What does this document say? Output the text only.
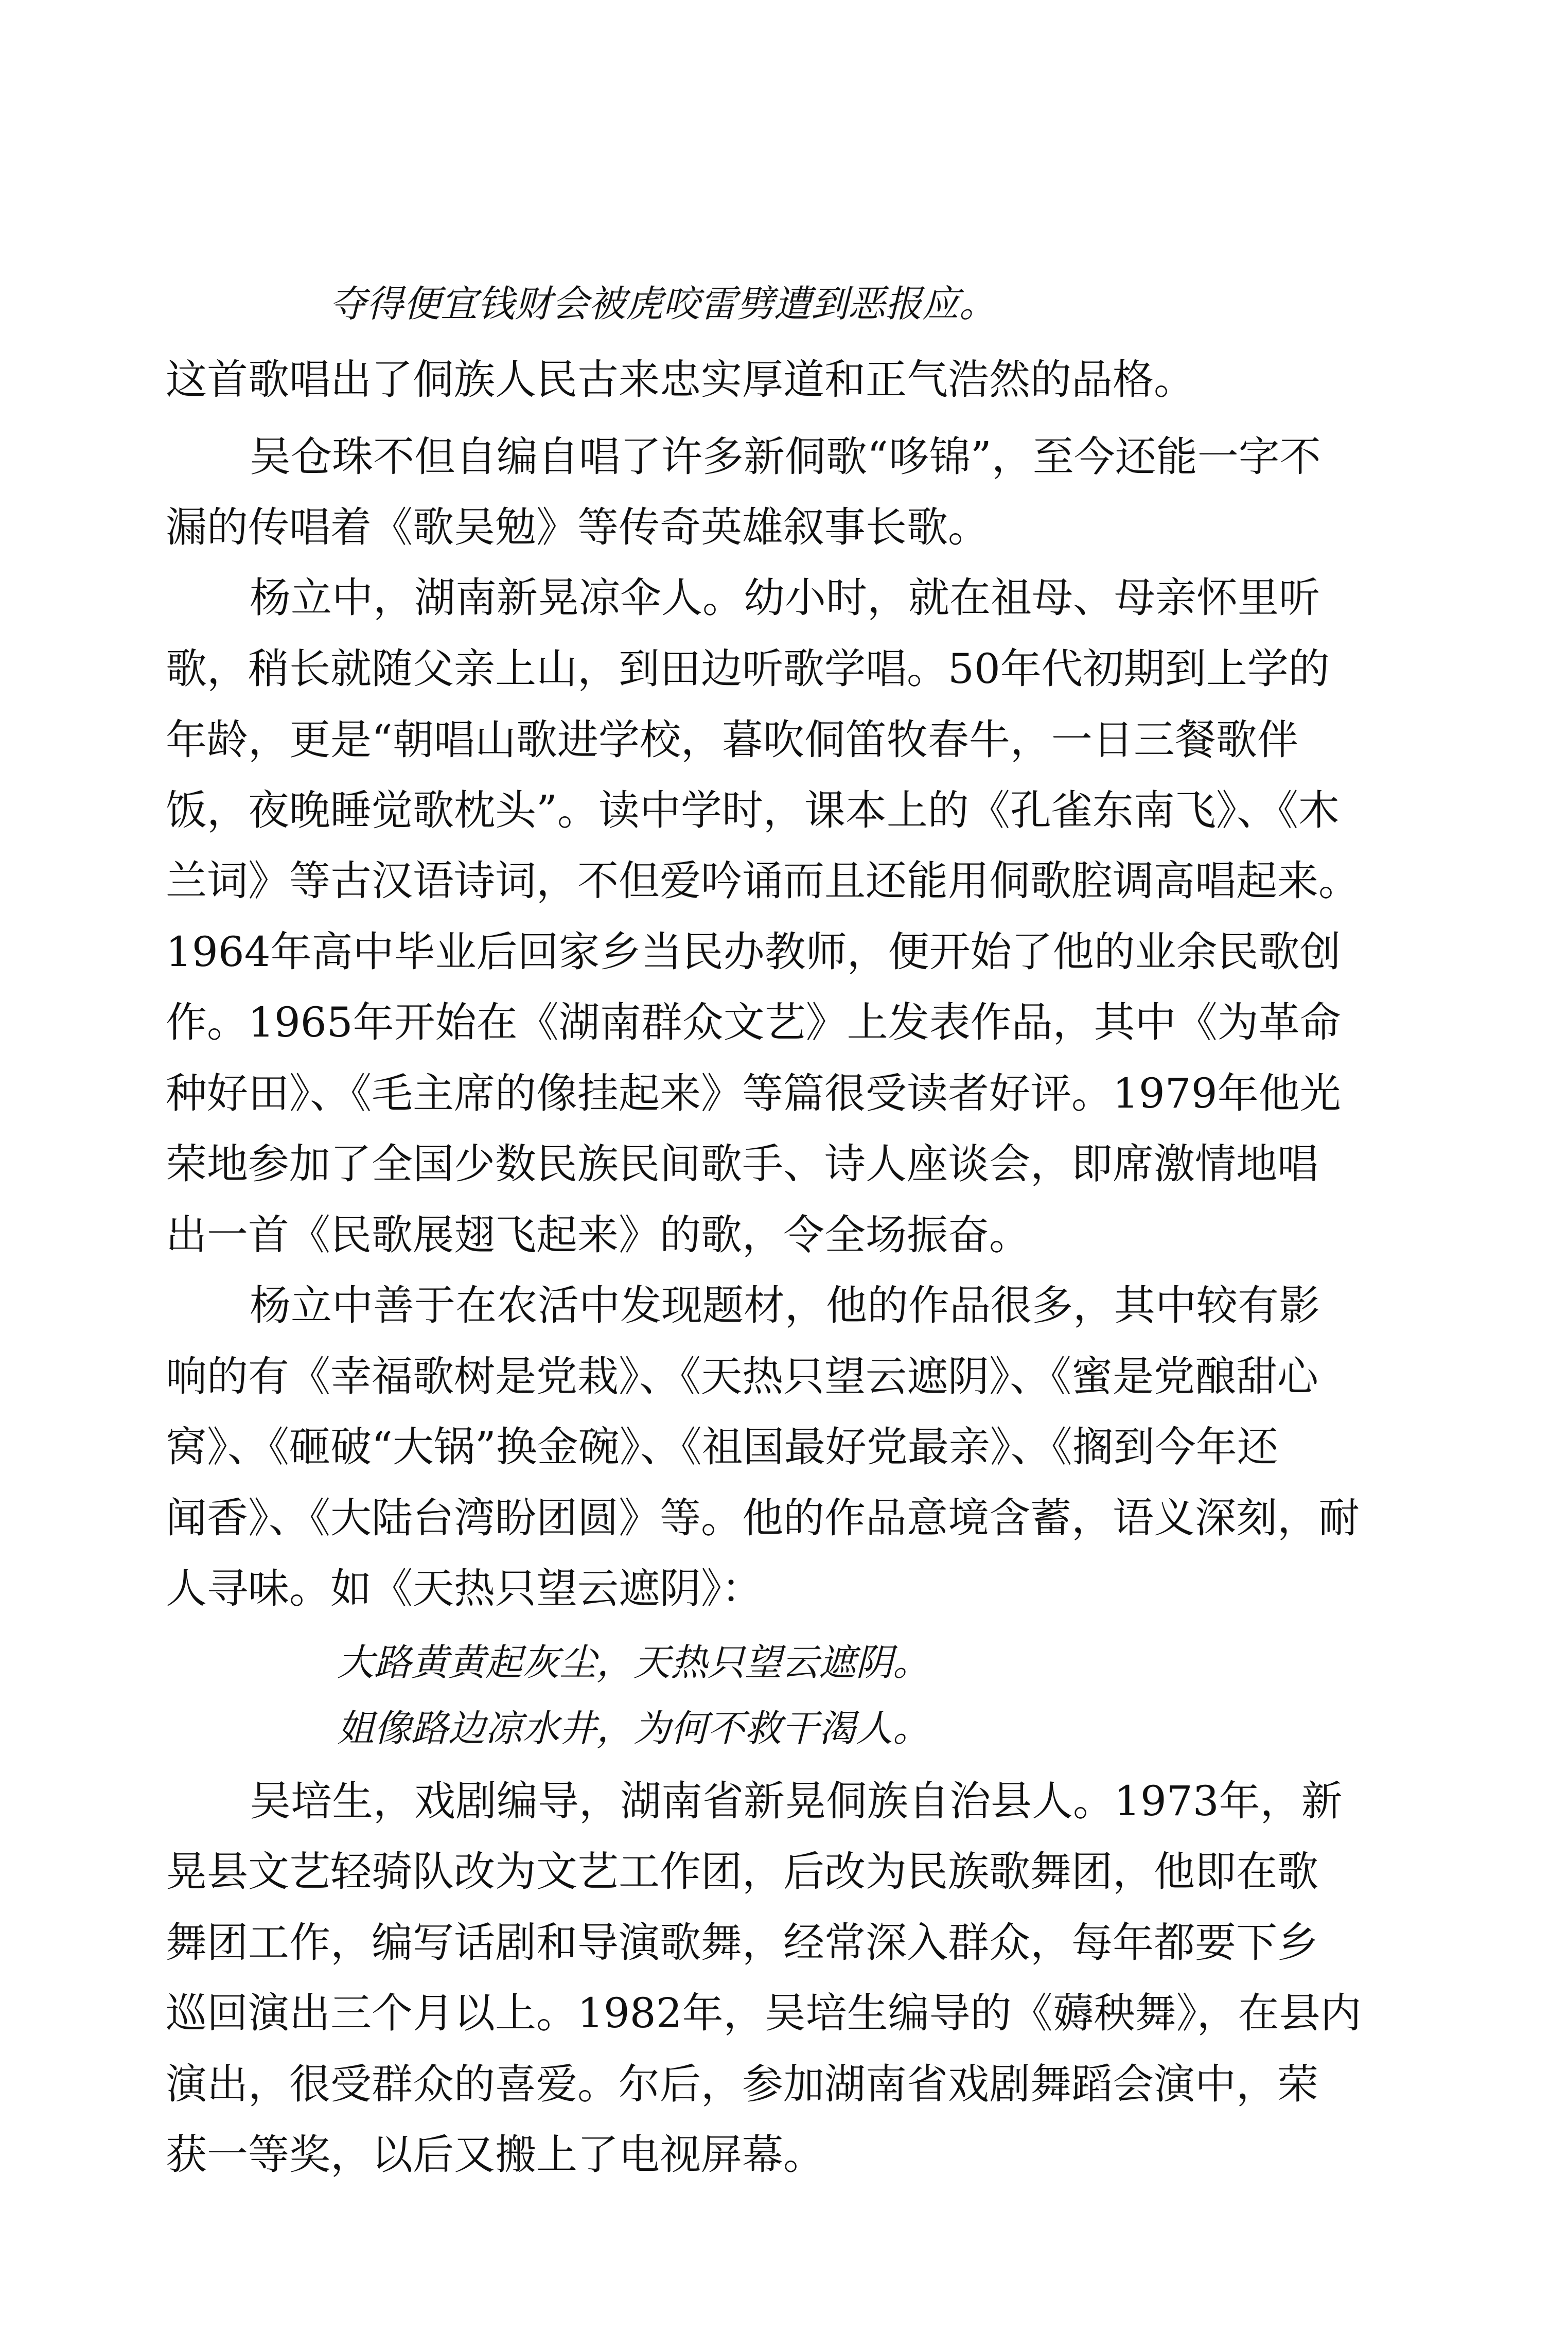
夺得便宜钱财会被虎咬雷劈遭到恶报应。
这首歌唱出了侗族人民古来忠实厚道和正气浩然的品格。
吴仓珠不但自编自唱了许多新侗歌“哆锦”，至今还能一字不
漏的传唱着《歌吴勉》等传奇英雄叙事长歌。
杨立中，湖南新晃凉伞人。幼小时，就在祖母、母亲怀里听
歌，稍长就随父亲上山，到田边听歌学唱。50年代初期到上学的
年龄，更是“朝唱山歌进学校，暮吹侗笛牧春牛，一日三餐歌伴
饭，夜晚睡觉歌枕头”。读中学时，课本上的《孔雀东南飞》、《木
兰词》等古汉语诗词，不但爱吟诵而且还能用侗歌腔调高唱起来。
1964年高中毕业后回家乡当民办教师，便开始了他的业余民歌创
作。1965年开始在《湖南群众文艺》上发表作品，其中《为革命
种好田》、《毛主席的像挂起来》等篇很受读者好评。1979年他光
荣地参加了全国少数民族民间歌手、诗人座谈会，即席激情地唱
出一首《民歌展翅飞起来》的歌，令全场振奋。
杨立中善于在农活中发现题材，他的作品很多，其中较有影
响的有《幸福歌树是党栽》、《天热只望云遮阴》、《蜜是党酿甜心
窝》、《砸破“大锅”换金碗》、《祖国最好党最亲》、《搁到今年还
闻香》、《大陆台湾盼团圆》等。他的作品意境含蓄，语义深刻，耐
人寻味。如《天热只望云遮阴》：
大路黄黄起灰尘，天热只望云遮阴。
姐像路边凉水井，为何不救干渴人。
吴培生，戏剧编导，湖南省新晃侗族自治县人。1973年，新
晃县文艺轻骑队改为文艺工作团，后改为民族歌舞团，他即在歌
舞团工作，编写话剧和导演歌舞，经常深入群众，每年都要下乡
巡回演出三个月以上。1982年，吴培生编导的《薅秧舞》，在县内
演出，很受群众的喜爱。尔后，参加湖南省戏剧舞蹈会演中，荣
获一等奖，以后又搬上了电视屏幕。
